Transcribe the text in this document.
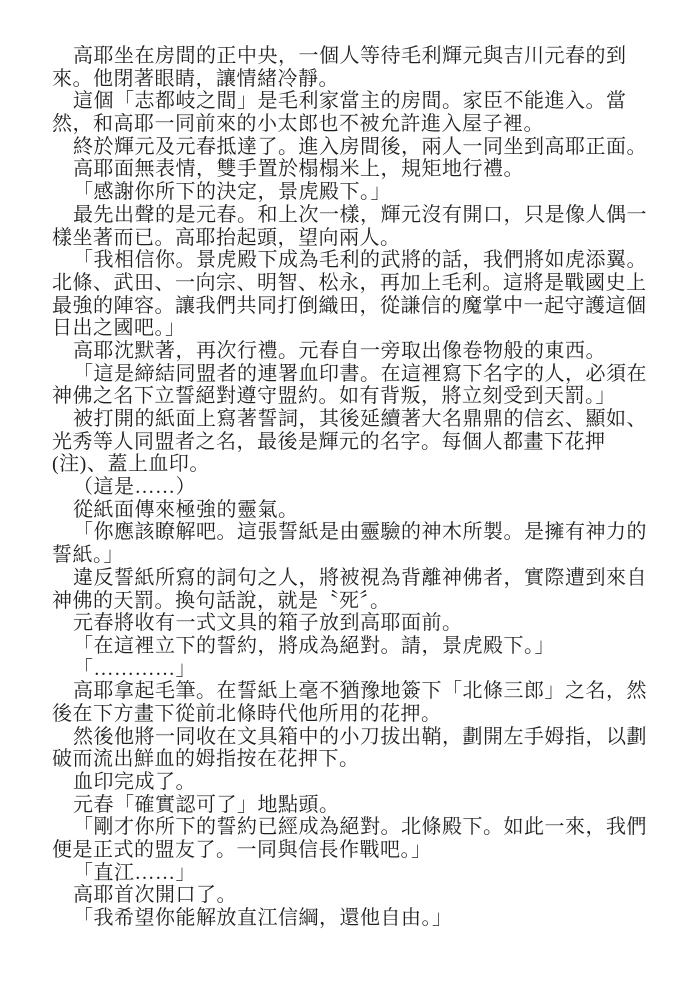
高耶坐在房間的正中央，一個人等待毛利輝元與吉川元春的到
來。他閉著眼睛，讓情緒冷靜。
這個「志都岐之間」是毛利家當主的房間。家臣不能進入。當
然，和高耶一同前來的小太郎也不被允許進入屋子裡。
終於輝元及元春抵達了。進入房間後，兩人一同坐到高耶正面。
高耶面無表情，雙手置於榻榻米上，規矩地行禮。
「感謝你所下的決定，景虎殿下。」
最先出聲的是元春。和上次一樣，輝元沒有開口，只是像人偶一
樣坐著而已。高耶抬起頭，望向兩人。
「我相信你。景虎殿下成為毛利的武將的話，我們將如虎添翼。
北條、武田、一向宗、明智、松永，再加上毛利。這將是戰國史上
最強的陣容。讓我們共同打倒織田，從謙信的魔掌中一起守護這個
日出之國吧。」
高耶沈默著，再次行禮。元春自一旁取出像卷物般的東西。
「這是締結同盟者的連署血印書。在這裡寫下名字的人，必須在
神佛之名下立誓絕對遵守盟約。如有背叛，將立刻受到天罰。」
被打開的紙面上寫著誓詞，其後延續著大名鼎鼎的信玄、顯如、
光秀等人同盟者之名，最後是輝元的名字。每個人都畫下花押
(注)、蓋上血印。
（這是……）
從紙面傳來極強的靈氣。
「你應該瞭解吧。這張誓紙是由靈驗的神木所製。是擁有神力的
誓紙。」
違反誓紙所寫的詞句之人，將被視為背離神佛者，實際遭到來自
神佛的天罰。換句話說，就是〝死〞。
元春將收有一式文具的箱子放到高耶面前。
「在這裡立下的誓約，將成為絕對。請，景虎殿下。」
「…………」
高耶拿起毛筆。在誓紙上毫不猶豫地簽下「北條三郎」之名，然
後在下方畫下從前北條時代他所用的花押。
然後他將一同收在文具箱中的小刀拔出鞘，劃開左手姆指，以劃
破而流出鮮血的姆指按在花押下。
血印完成了。
元春「確實認可了」地點頭。
「剛才你所下的誓約已經成為絕對。北條殿下。如此一來，我們
便是正式的盟友了。一同與信長作戰吧。」
「直江……」
高耶首次開口了。
「我希望你能解放直江信綱，還他自由。」
